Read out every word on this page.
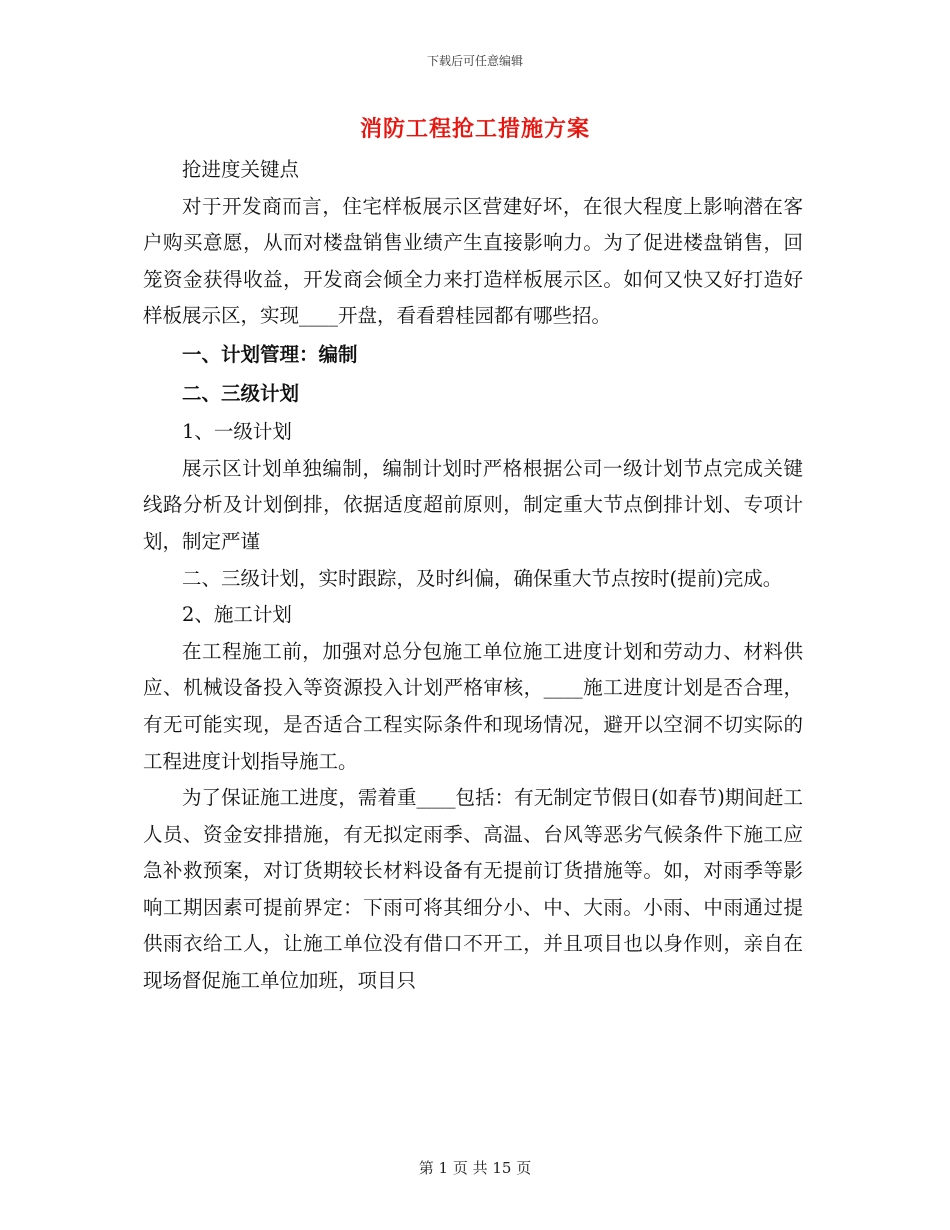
下载后可任意编辑
消防工程抢工措施方案

抢进度关键点

对于开发商而言，住宅样板展示区营建好坏，在很大程度上影响潜在客户购买意愿，从而对楼盘销售业绩产生直接影响力。为了促进楼盘销售，回笼资金获得收益，开发商会倾全力来打造样板展示区。如何又快又好打造好样板展示区，实现____开盘，看看碧桂园都有哪些招。

一、计划管理：编制

二、三级计划

1、一级计划

展示区计划单独编制，编制计划时严格根据公司一级计划节点完成关键线路分析及计划倒排，依据适度超前原则，制定重大节点倒排计划、专项计划，制定严谨

二、三级计划，实时跟踪，及时纠偏，确保重大节点按时(提前)完成。

2、施工计划

在工程施工前，加强对总分包施工单位施工进度计划和劳动力、材料供应、机械设备投入等资源投入计划严格审核，____施工进度计划是否合理，有无可能实现，是否适合工程实际条件和现场情况，避开以空洞不切实际的工程进度计划指导施工。

为了保证施工进度，需着重____包括：有无制定节假日(如春节)期间赶工人员、资金安排措施，有无拟定雨季、高温、台风等恶劣气候条件下施工应急补救预案，对订货期较长材料设备有无提前订货措施等。如，对雨季等影响工期因素可提前界定：下雨可将其细分小、中、大雨。小雨、中雨通过提供雨衣给工人，让施工单位没有借口不开工，并且项目也以身作则，亲自在现场督促施工单位加班，项目只

第 1 页 共 15 页
